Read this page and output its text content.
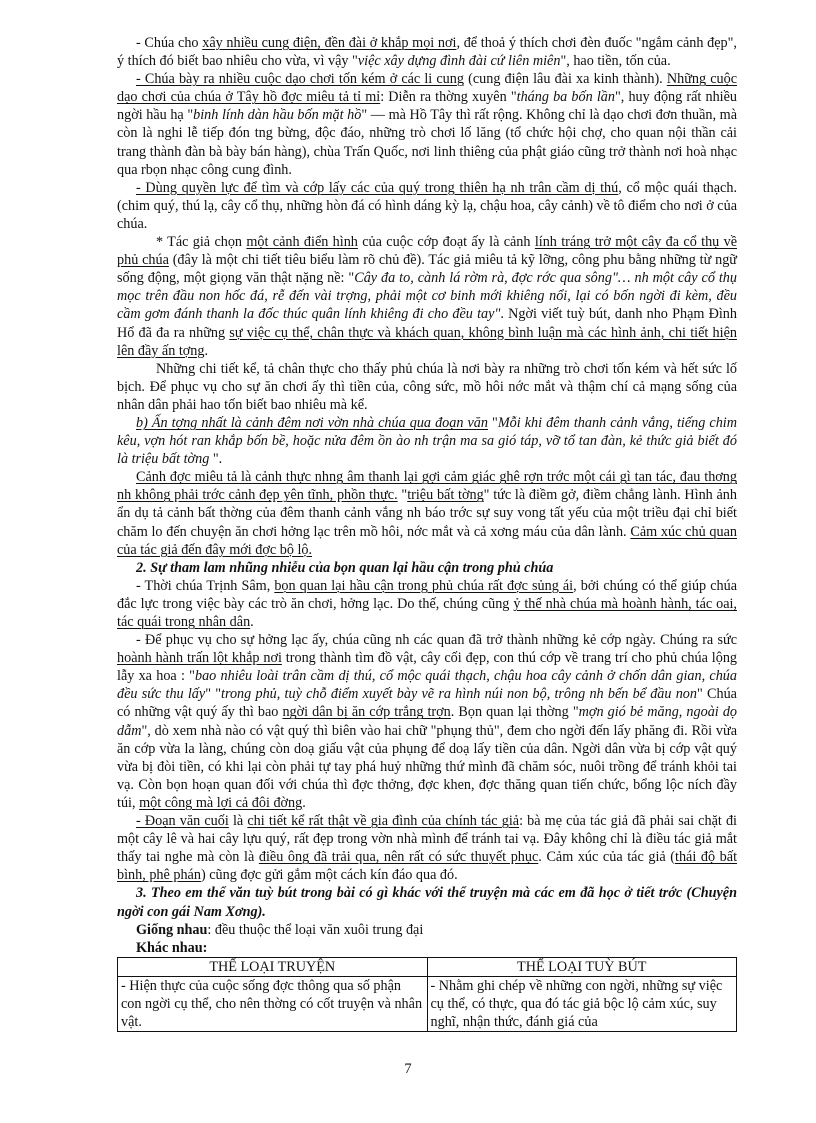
- Chúa cho xây nhiều cung điện, đền đài ở khắp mọi nơi, để thoả ý thích chơi đèn đuốc "ngắm cảnh đẹp", ý thích đó biết bao nhiêu cho vừa, vì vậy "việc xây dựng đình đài cứ liên miên", hao tiền, tốn của.

- Chúa bày ra nhiều cuộc dạo chơi tốn kém ở các li cung (cung điện lâu đài xa kinh thành). Những cuộc dạo chơi của chúa ở Tây hồ đợc miêu tả tỉ mỉ: Diễn ra thờng xuyên "tháng ba bốn lần", huy động rất nhiều ngời hầu hạ "binh lính dàn hầu bốn mặt hồ" — mà Hồ Tây thì rất rộng. Không chỉ là dạo chơi đơn thuần, mà còn là nghi lễ tiếp đón tng bừng, độc đáo, những trò chơi lố lăng (tổ chức hội chợ, cho quan nội thần cải trang thành đàn bà bày bán hàng), chùa Trấn Quốc, nơi linh thiêng của phật giáo cũng trở thành nơi hoà nhạc qua rbọn nhạc công cung đình.

- Dùng quyền lực để tìm và cớp lấy các của quý trong thiên hạ nh trân cầm dị thú, cổ mộc quái thạch. (chim quý, thú lạ, cây cổ thụ, những hòn đá có hình dáng kỳ lạ, chậu hoa, cây cảnh) về tô điểm cho nơi ở của chúa.

* Tác giả chọn một cảnh điển hình của cuộc cớp đoạt ấy là cảnh lính tráng trở một cây đa cổ thụ về phủ chúa (đây là một chi tiết tiêu biểu làm rõ chủ đề). Tác giả miêu tả kỹ lỡng, công phu bằng những từ ngữ sống động, một giọng văn thật nặng nề: "Cây đa to, cành lá rờm rà, đợc rớc qua sông"… nh một cây cổ thụ mọc trên đầu non hốc đá, rễ đến vài trợng, phải một cơ binh mới khiêng nổi, lại có bốn ngời đi kèm, đều cầm gơm đánh thanh la đốc thúc quân lính khiêng đi cho đều tay". Ngời viết tuỳ bút, danh nho Phạm Đình Hổ đã đa ra những sự việc cụ thể, chân thực và khách quan, không bình luận mà các hình ảnh, chi tiết hiện lên đầy ấn tợng.

Những chi tiết kể, tả chân thực cho thấy phủ chúa là nơi bày ra những trò chơi tốn kém và hết sức lố bịch. Để phục vụ cho sự ăn chơi ấy thì tiền của, công sức, mồ hôi nớc mắt và thậm chí cả mạng sống của nhân dân phải hao tốn biết bao nhiêu mà kể.

b) Ấn tợng nhất là cảnh đêm nơi vờn nhà chúa qua đoạn văn "Mỗi khi đêm thanh cảnh vắng, tiếng chim kêu, vợn hót ran khắp bốn bề, hoặc nửa đêm ồn ào nh trận ma sa gió táp, vỡ tổ tan đàn, kẻ thức giả biết đó là triệu bất tờng ".

Cảnh đợc miêu tả là cảnh thực nhng âm thanh lại gợi cảm giác ghê rợn trớc một cái gì tan tác, đau thơng nh không phải trớc cảnh đẹp yên tĩnh, phồn thực. "triệu bất tờng" tức là điềm gở, điềm chẳng lành. Hình ảnh ẩn dụ tả cảnh bất thờng của đêm thanh cảnh vắng nh báo trớc sự suy vong tất yếu của một triều đại chỉ biết chăm lo đến chuyện ăn chơi hởng lạc trên mồ hôi, nớc mắt và cả xơng máu của dân lành. Cảm xúc chủ quan của tác giả đến đây mới đợc bộ lộ.

2. Sự tham lam nhũng nhiễu của bọn quan lại hầu cận trong phủ chúa

- Thời chúa Trịnh Sâm, bọn quan lại hầu cận trong phủ chúa rất đợc sủng ái, bởi chúng có thể giúp chúa đắc lực trong việc bày các trò ăn chơi, hởng lạc. Do thế, chúng cũng ỷ thế nhà chúa mà hoành hành, tác oai, tác quái trong nhân dân.

- Để phục vụ cho sự hởng lạc ấy, chúa cũng nh các quan đã trở thành những kẻ cớp ngày. Chúng ra sức hoành hành trấn lột khắp nơi trong thành tìm đồ vật, cây cối đẹp, con thú cớp về trang trí cho phủ chúa lộng lẫy xa hoa : "bao nhiêu loài trân cầm dị thú, cổ mộc quái thạch, chậu hoa cây cảnh ở chốn dân gian, chúa đều sức thu lấy" "trong phủ, tuỳ chỗ điểm xuyết bày vẽ ra hình núi non bộ, trông nh bến bể đầu non" Chúa có những vật quý ấy thì bao ngời dân bị ăn cớp trắng trợn. Bọn quan lại thờng "mợn gió bẻ măng, ngoài dọ dẫm", dò xem nhà nào có vật quý thì biên vào hai chữ "phụng thủ", đem cho ngời đến lấy phăng đi. Rồi vừa ăn cớp vừa la làng, chúng còn doạ giấu vật của phụng để doạ lấy tiền của dân. Ngời dân vừa bị cớp vật quý vừa bị đòi tiền, có khi lại còn phải tự tay phá huỷ những thứ mình đã chăm sóc, nuôi trồng để tránh khỏi tai vạ. Còn bọn hoạn quan đối với chúa thì đợc thởng, đợc khen, đợc thăng quan tiến chức, bổng lộc ních đầy túi, một công mà lợi cả đôi đờng.

- Đoạn văn cuối là chi tiết kể rất thật về gia đình của chính tác giả: bà mẹ của tác giả đã phải sai chặt đi một cây lê và hai cây lựu quý, rất đẹp trong vờn nhà mình để tránh tai vạ. Đây không chỉ là điều tác giả mắt thấy tai nghe mà còn là điều ông đã trải qua, nên rất có sức thuyết phục. Cảm xúc của tác giả (thái độ bất bình, phê phán) cũng đợc gửi gắm một cách kín đáo qua đó.

3. Theo em thể văn tuỳ bút trong bài có gì khác với thể truyện mà các em đã học ở tiết trớc (Chuyện ngời con gái Nam Xơng).

Giống nhau: đều thuộc thể loại văn xuôi trung đại

Khác nhau:

THỂ LOẠI TRUYỆN	THỂ LOẠI TUỲ BÚT
- Hiện thực của cuộc sống đợc thông qua số phận con ngời cụ thể, cho nên thờng có cốt truyện và nhân vật.	- Nhằm ghi chép về những con ngời, những sự việc cụ thể, có thực, qua đó tác giả bộc lộ cảm xúc, suy nghĩ, nhận thức, đánh giá của
7
